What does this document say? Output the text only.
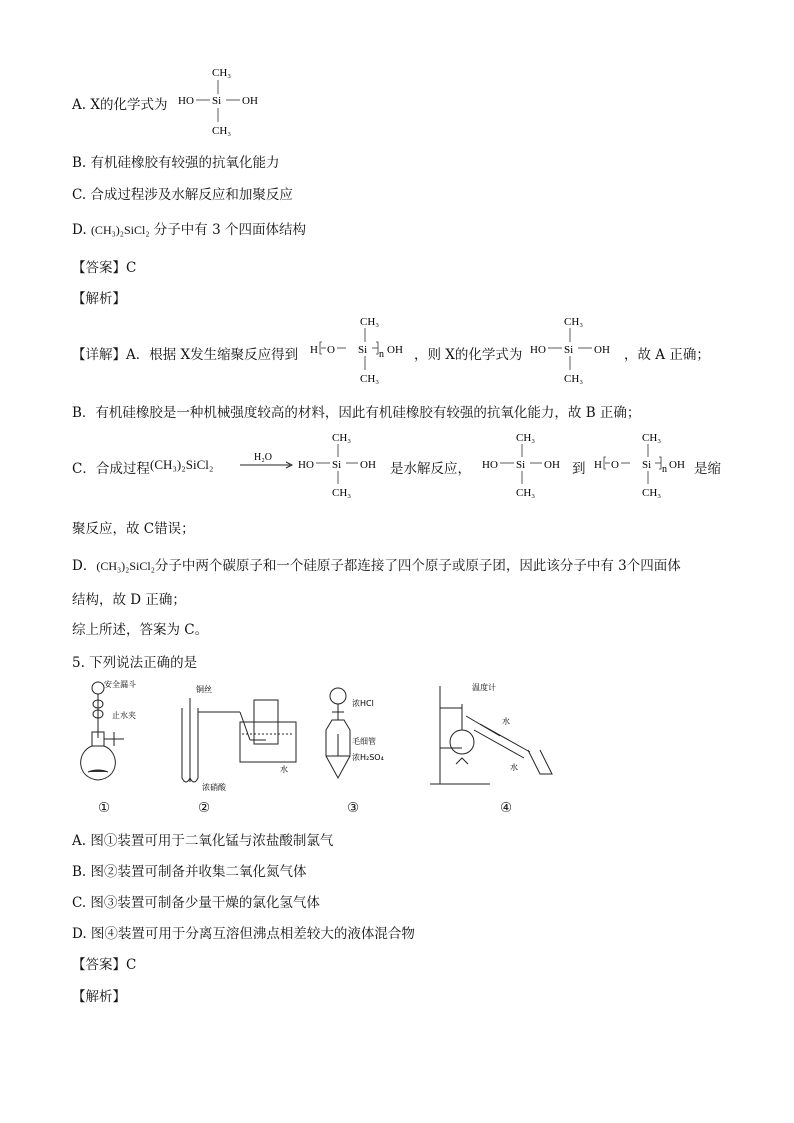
A. X的化学式为
CH₃
HO Si OH
CH₃
B. 有机硅橡胶有较强的抗氧化能力
C. 合成过程涉及水解反应和加聚反应
D. (CH₃)₂SiCl₂ 分子中有 3 个四面体结构
【答案】C
【解析】
【详解】A．根据 X发生缩聚反应得到 H O
CH₃
Si
CH₃
n OH ，则 X的化学式为
CH₃
HO Si OH
CH₃
，故 A 正确；
B．有机硅橡胶是一种机械强度较高的材料，因此有机硅橡胶有较强的抗氧化能力，故 B 正确；
C．合成过程 (CH₃)₂SiCl₂	H₂O
CH₃
HO Si OH
CH₃
是水解反应，
CH₃
HO Si OH
CH₃
到 H O
CH₃
Si
CH₃
n OH 是缩
聚反应，故 C错误；
D．(CH₃)₂SiCl₂分子中两个碳原子和一个硅原子都连接了四个原子或原子团，因此该分子中有 3个四面体
结构，故 D 正确；
综上所述，答案为 C。
5. 下列说法正确的是
安全漏斗
止水夹
铜丝
浓硝酸
水
浓HCl
毛细管
浓H₂SO₄
温度计
水
水
①	②	③	④
A. 图①装置可用于二氧化锰与浓盐酸制氯气
B. 图②装置可制备并收集二氧化氮气体
C. 图③装置可制备少量干燥的氯化氢气体
D. 图④装置可用于分离互溶但沸点相差较大的液体混合物
【答案】C
【解析】
